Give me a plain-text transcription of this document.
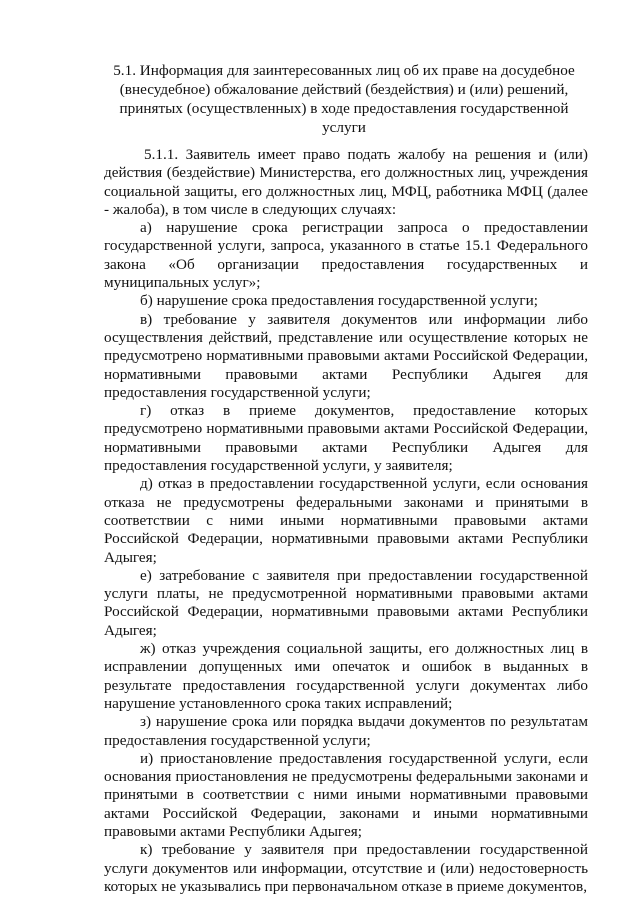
5.1. Информация для заинтересованных лиц об их праве на досудебное (внесудебное) обжалование действий (бездействия) и (или) решений, принятых (осуществленных) в ходе предоставления государственной услуги

5.1.1. Заявитель имеет право подать жалобу на решения и (или) действия (бездействие) Министерства, его должностных лиц, учреждения социальной защиты, его должностных лиц, МФЦ, работника МФЦ (далее - жалоба), в том числе в следующих случаях:

а) нарушение срока регистрации запроса о предоставлении государственной услуги, запроса, указанного в статье 15.1 Федерального закона «Об организации предоставления государственных и муниципальных услуг»;

б) нарушение срока предоставления государственной услуги;

в) требование у заявителя документов или информации либо осуществления действий, представление или осуществление которых не предусмотрено нормативными правовыми актами Российской Федерации, нормативными правовыми актами Республики Адыгея для предоставления государственной услуги;

г) отказ в приеме документов, предоставление которых предусмотрено нормативными правовыми актами Российской Федерации, нормативными правовыми актами Республики Адыгея для предоставления государственной услуги, у заявителя;

д) отказ в предоставлении государственной услуги, если основания отказа не предусмотрены федеральными законами и принятыми в соответствии с ними иными нормативными правовыми актами Российской Федерации, нормативными правовыми актами Республики Адыгея;

е) затребование с заявителя при предоставлении государственной услуги платы, не предусмотренной нормативными правовыми актами Российской Федерации, нормативными правовыми актами Республики Адыгея;

ж) отказ учреждения социальной защиты, его должностных лиц в исправлении допущенных ими опечаток и ошибок в выданных в результате предоставления государственной услуги документах либо нарушение установленного срока таких исправлений;

з) нарушение срока или порядка выдачи документов по результатам предоставления государственной услуги;

и) приостановление предоставления государственной услуги, если основания приостановления не предусмотрены федеральными законами и принятыми в соответствии с ними иными нормативными правовыми актами Российской Федерации, законами и иными нормативными правовыми актами Республики Адыгея;

к) требование у заявителя при предоставлении государственной услуги документов или информации, отсутствие и (или) недостоверность которых не указывались при первоначальном отказе в приеме документов,
